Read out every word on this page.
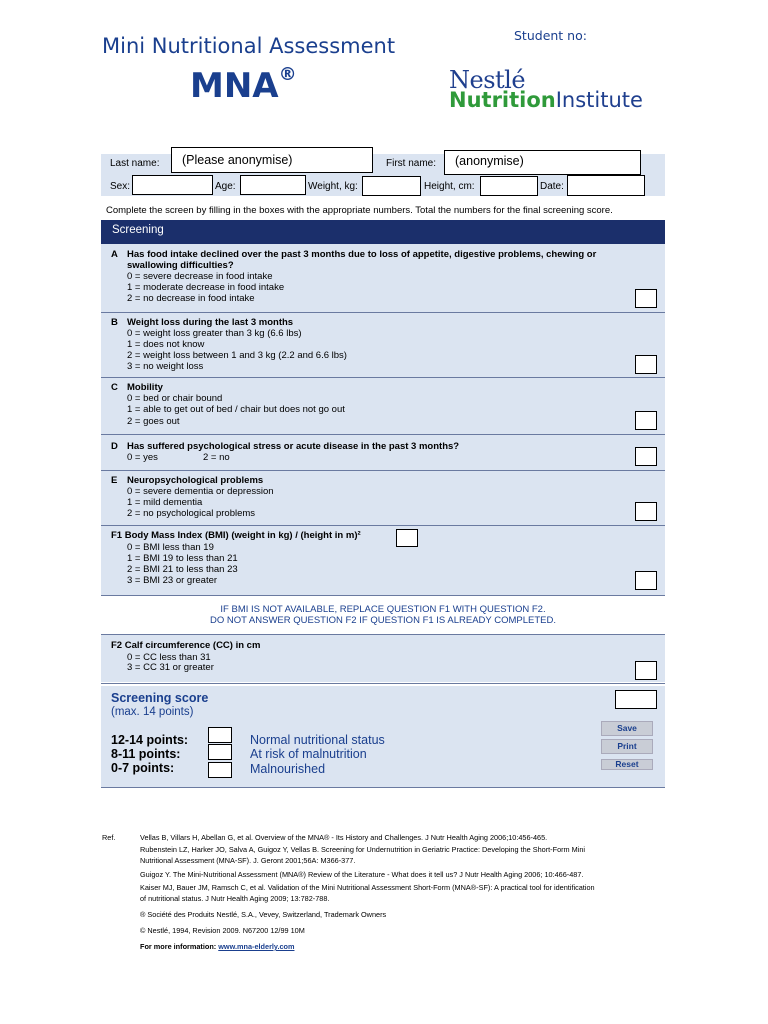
Mini Nutritional Assessment
MNA®
Student no:
Nestlé
NutritionInstitute
Last name: (Please anonymise)	First name: (anonymise)
Sex:	Age:	Weight, kg:	Height, cm:	Date:
Complete the screen by filling in the boxes with the appropriate numbers. Total the numbers for the final screening score.
Screening
A Has food intake declined over the past 3 months due to loss of appetite, digestive problems, chewing or
swallowing difficulties?
0 = severe decrease in food intake
1 = moderate decrease in food intake
2 = no decrease in food intake
B Weight loss during the last 3 months
0 = weight loss greater than 3 kg (6.6 lbs)
1 = does not know
2 = weight loss between 1 and 3 kg (2.2 and 6.6 lbs)
3 = no weight loss
C Mobility
0 = bed or chair bound
1 = able to get out of bed / chair but does not go out
2 = goes out
D Has suffered psychological stress or acute disease in the past 3 months?
0 = yes	2 = no
E Neuropsychological problems
0 = severe dementia or depression
1 = mild dementia
2 = no psychological problems
F1 Body Mass Index (BMI) (weight in kg) / (height in m)²
0 = BMI less than 19
1 = BMI 19 to less than 21
2 = BMI 21 to less than 23
3 = BMI 23 or greater
IF BMI IS NOT AVAILABLE, REPLACE QUESTION F1 WITH QUESTION F2.
DO NOT ANSWER QUESTION F2 IF QUESTION F1 IS ALREADY COMPLETED.
F2 Calf circumference (CC) in cm
0 = CC less than 31
3 = CC 31 or greater
Screening score
(max. 14 points)
12-14 points:	Normal nutritional status
8-11 points:	At risk of malnutrition
0-7 points:	Malnourished
Save
Print
Reset
Ref.	Vellas B, Villars H, Abellan G, et al. Overview of the MNA® - Its History and Challenges. J Nutr Health Aging 2006;10:456-465.
Rubenstein LZ, Harker JO, Salva A, Guigoz Y, Vellas B. Screening for Undernutrition in Geriatric Practice: Developing the Short-Form Mini
Nutritional Assessment (MNA-SF). J. Geront 2001;56A: M366-377.
Guigoz Y. The Mini-Nutritional Assessment (MNA®) Review of the Literature - What does it tell us? J Nutr Health Aging 2006; 10:466-487.
Kaiser MJ, Bauer JM, Ramsch C, et al. Validation of the Mini Nutritional Assessment Short-Form (MNA®-SF): A practical tool for identification
of nutritional status. J Nutr Health Aging 2009; 13:782-788.
® Société des Produits Nestlé, S.A., Vevey, Switzerland, Trademark Owners
© Nestlé, 1994, Revision 2009. N67200 12/99 10M
For more information: www.mna-elderly.com
